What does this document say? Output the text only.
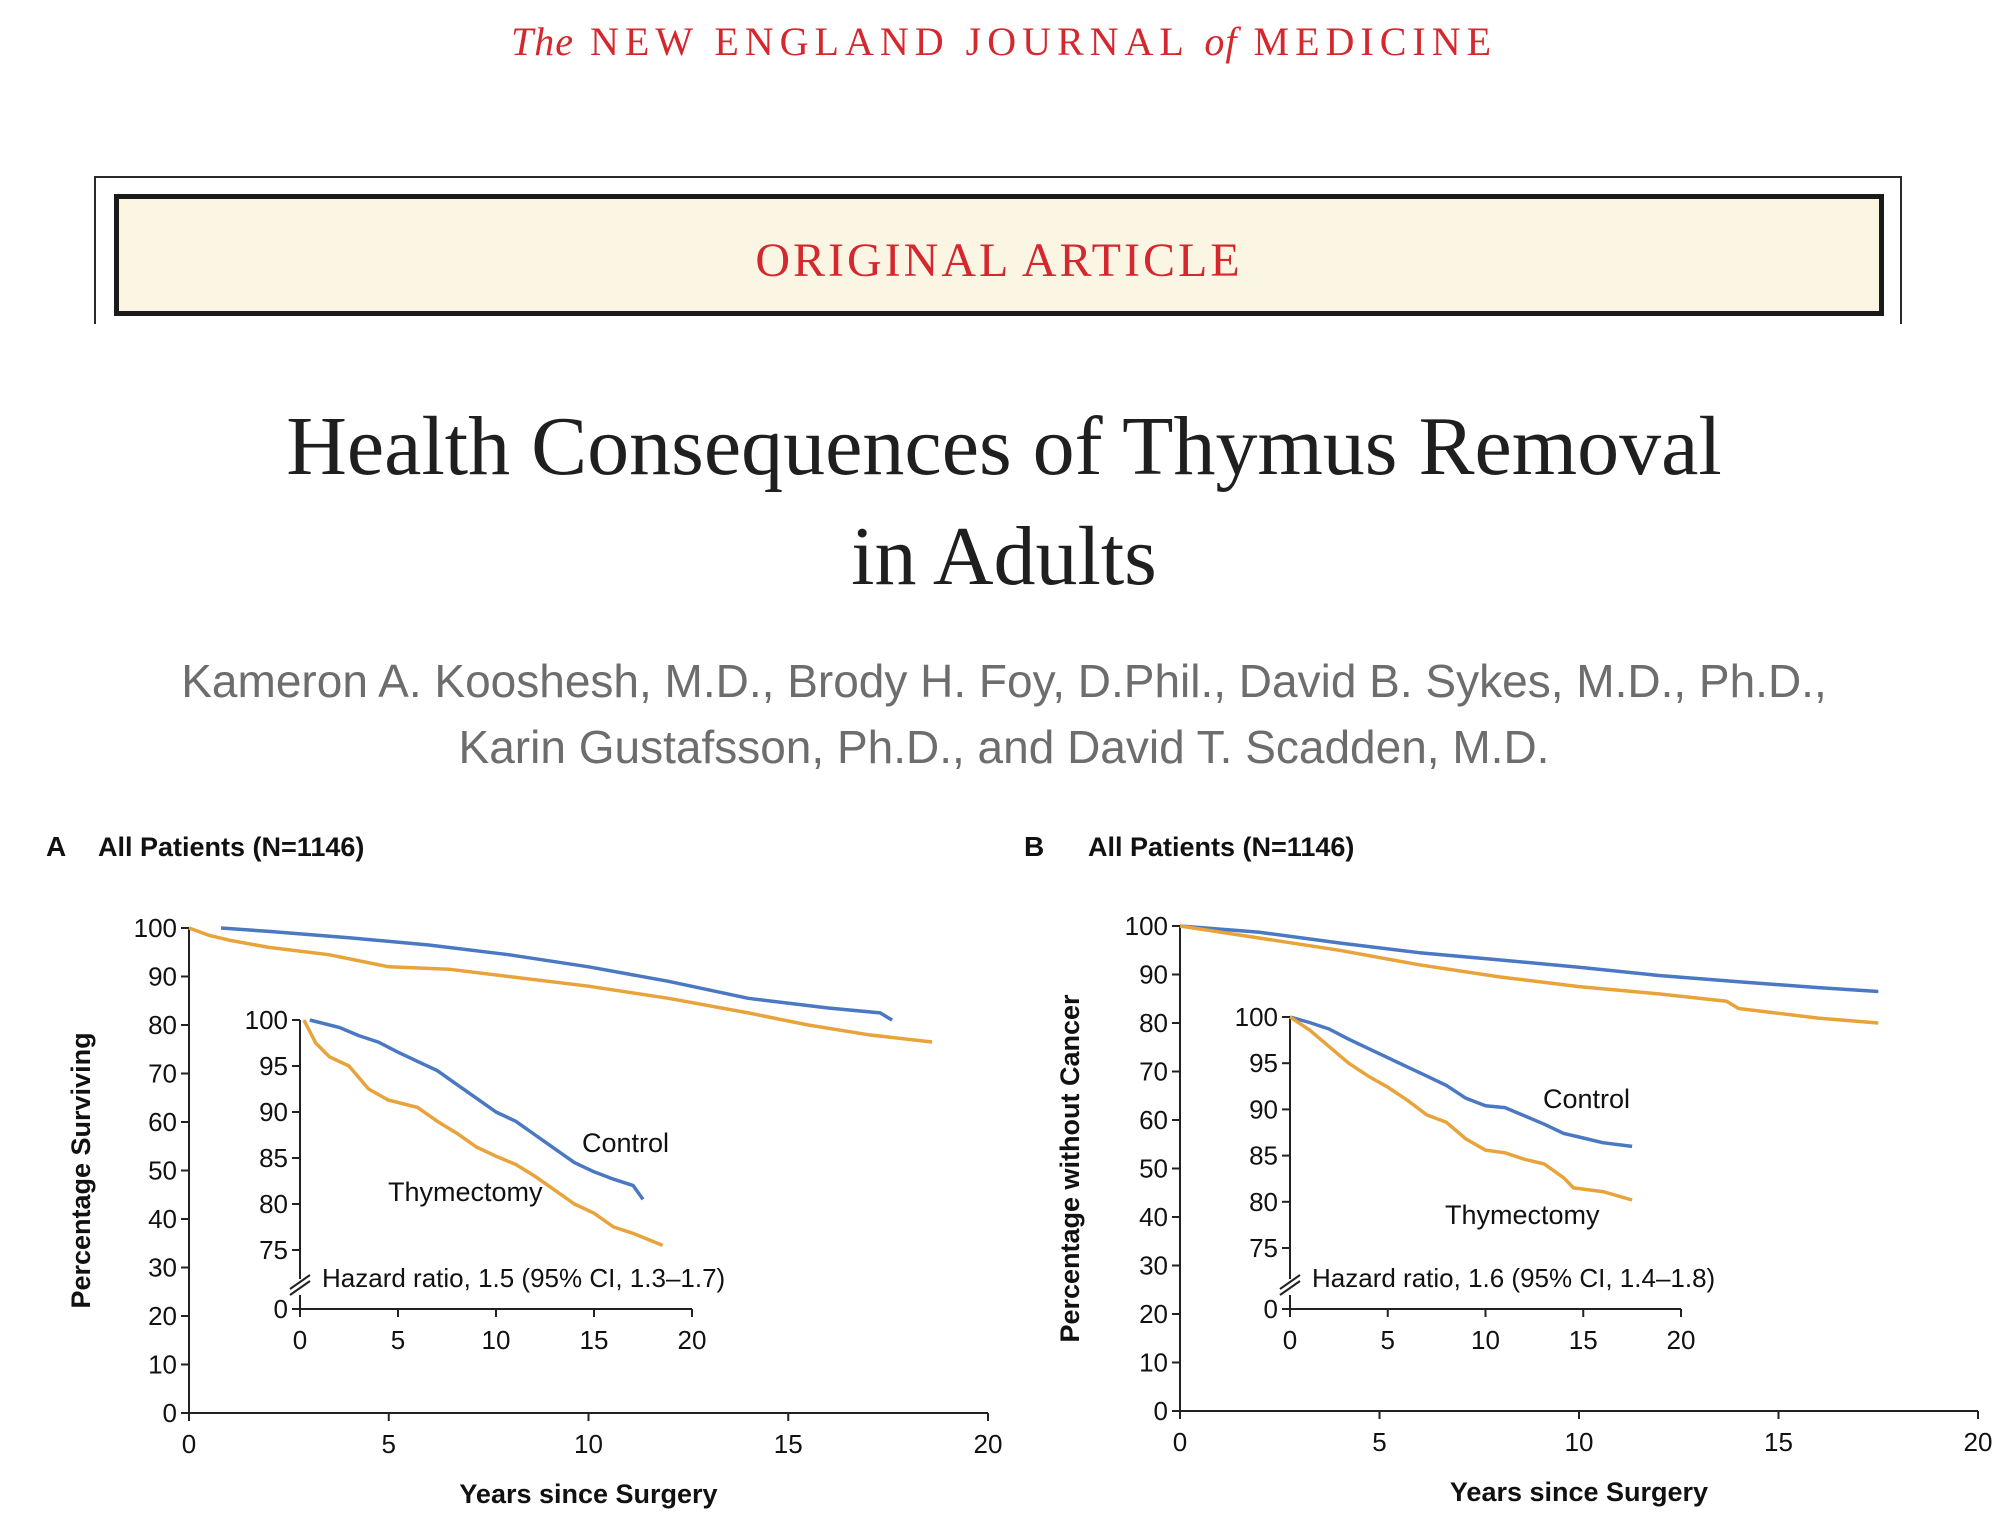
The NEW ENGLAND JOURNAL of MEDICINE
ORIGINAL ARTICLE
Health Consequences of Thymus Removal
in Adults
Kameron A. Kooshesh, M.D., Brody H. Foy, D.Phil., David B. Sykes, M.D., Ph.D.,
Karin Gustafsson, Ph.D., and David T. Scadden, M.D.
A All Patients (N=1146)
0
10
20
30
40
50
60
70
80
90
100
0	5	10	15	20
Years since Surgery
Percentage Surviving
0
75
80
85
90
95
100
0	5	10	15	20
Control
Thymectomy
Hazard ratio, 1.5 (95% CI, 1.3–1.7)
B All Patients (N=1146)
0
10
20
30
40
50
60
70
80
90
100
0	5	10	15	20
Years since Surgery
Percentage without Cancer	0
75
80
85
90
95
100
0	5	10	15	20
Control
Thymectomy
Hazard ratio, 1.6 (95% CI, 1.4–1.8)
